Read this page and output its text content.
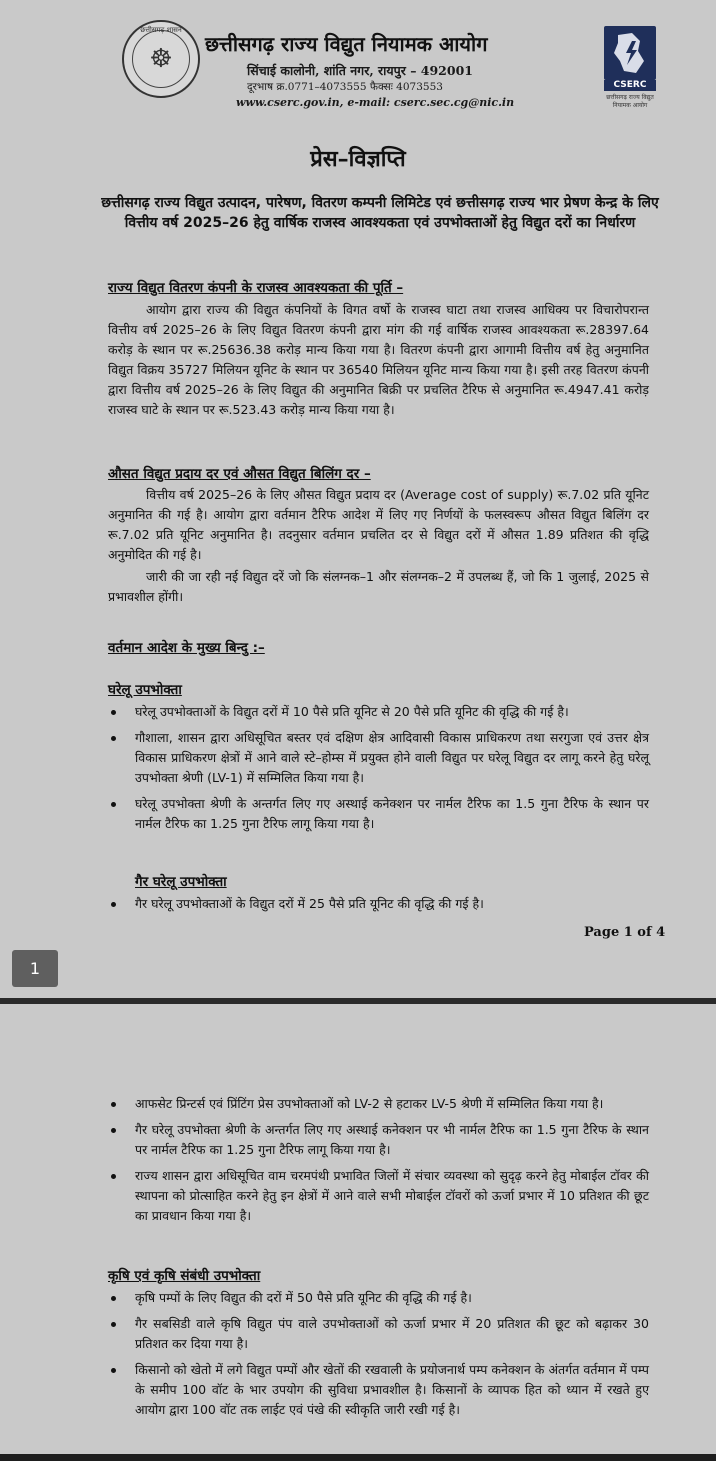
छत्तीसगढ़ शासन
☸	छत्तीसगढ़ राज्य विद्युत नियामक आयोग
सिंचाई कालोनी, शांति नगर, रायपुर – 492001
दूरभाष क्र.0771–4073555 फैक्सः 4073553
www.cserc.gov.in, e-mail: cserc.sec.cg@nic.in
CSERC
छत्तीसगढ़ राज्य विद्युत नियामक आयोग
प्रेस–विज्ञप्ति
छत्तीसगढ़ राज्य विद्युत उत्पादन, पारेषण, वितरण कम्पनी लिमिटेड एवं छत्तीसगढ़ राज्य भार प्रेषण केन्द्र के लिए वित्तीय वर्ष 2025–26 हेतु वार्षिक राजस्व आवश्यकता एवं उपभोक्ताओं हेतु विद्युत दरों का निर्धारण
राज्य विद्युत वितरण कंपनी के राजस्व आवश्यकता की पूर्ति –
आयोग द्वारा राज्य की विद्युत कंपनियों के विगत वर्षो के राजस्व घाटा तथा राजस्व आधिक्य पर विचारोपरान्त वित्तीय वर्ष 2025–26 के लिए विद्युत वितरण कंपनी द्वारा मांग की गई वार्षिक राजस्व आवश्यकता रू.28397.64 करोड़ के स्थान पर रू.25636.38 करोड़ मान्य किया गया है। वितरण कंपनी द्वारा आगामी वित्तीय वर्ष हेतु अनुमानित विद्युत विक्रय 35727 मिलियन यूनिट के स्थान पर 36540 मिलियन यूनिट मान्य किया गया है। इसी तरह वितरण कंपनी द्वारा वित्तीय वर्ष 2025–26 के लिए विद्युत की अनुमानित बिक्री पर प्रचलित टैरिफ से अनुमानित रू.4947.41 करोड़ राजस्व घाटे के स्थान पर रू.523.43 करोड़ मान्य किया गया है।
औसत विद्युत प्रदाय दर एवं औसत विद्युत बिलिंग दर –
वित्तीय वर्ष 2025–26 के लिए औसत विद्युत प्रदाय दर (Average cost of supply) रू.7.02 प्रति यूनिट अनुमानित की गई है। आयोग द्वारा वर्तमान टैरिफ आदेश में लिए गए निर्णयों के फलस्वरूप औसत विद्युत बिलिंग दर रू.7.02 प्रति यूनिट अनुमानित है। तदनुसार वर्तमान प्रचलित दर से विद्युत दरों में औसत 1.89 प्रतिशत की वृद्धि अनुमोदित की गई है।
जारी की जा रही नई विद्युत दरें जो कि संलग्नक–1 और संलग्नक–2 में उपलब्ध हैं, जो कि 1 जुलाई, 2025 से प्रभावशील होंगी।
वर्तमान आदेश के मुख्य बिन्दु :–
घरेलू उपभोक्ता
घरेलू उपभोक्ताओं के विद्युत दरों में 10 पैसे प्रति यूनिट से 20 पैसे प्रति यूनिट की वृद्धि की गई है।
गौशाला, शासन द्वारा अधिसूचित बस्तर एवं दक्षिण क्षेत्र आदिवासी विकास प्राधिकरण तथा सरगुजा एवं उत्तर क्षेत्र विकास प्राधिकरण क्षेत्रों में आने वाले स्टे–होम्स में प्रयुक्त होने वाली विद्युत पर घरेलू विद्युत दर लागू करने हेतु घरेलू उपभोक्ता श्रेणी (LV-1) में सम्मिलित किया गया है।
घरेलू उपभोक्ता श्रेणी के अन्तर्गत लिए गए अस्थाई कनेक्शन पर नार्मल टैरिफ का 1.5 गुना टैरिफ के स्थान पर नार्मल टैरिफ का 1.25 गुना टैरिफ लागू किया गया है।
गैर घरेलू उपभोक्ता
गैर घरेलू उपभोक्ताओं के विद्युत दरों में 25 पैसे प्रति यूनिट की वृद्धि की गई है।
Page 1 of 4
1
आफसेट प्रिन्टर्स एवं प्रिंटिंग प्रेस उपभोक्ताओं को LV-2 से हटाकर LV-5 श्रेणी में सम्मिलित किया गया है।
गैर घरेलू उपभोक्ता श्रेणी के अन्तर्गत लिए गए अस्थाई कनेक्शन पर भी नार्मल टैरिफ का 1.5 गुना टैरिफ के स्थान पर नार्मल टैरिफ का 1.25 गुना टैरिफ लागू किया गया है।
राज्य शासन द्वारा अधिसूचित वाम चरमपंथी प्रभावित जिलों में संचार व्यवस्था को सुदृढ़ करने हेतु मोबाईल टॉवर की स्थापना को प्रोत्साहित करने हेतु इन क्षेत्रों में आने वाले सभी मोबाईल टॉवरों को ऊर्जा प्रभार में 10 प्रतिशत की छूट का प्रावधान किया गया है।
कृषि एवं कृषि संबंधी उपभोक्ता
कृषि पम्पों के लिए विद्युत की दरों में 50 पैसे प्रति यूनिट की वृद्धि की गई है।
गैर सबसिडी वाले कृषि विद्युत पंप वाले उपभोक्ताओं को ऊर्जा प्रभार में 20 प्रतिशत की छूट को बढ़ाकर 30 प्रतिशत कर दिया गया है।
किसानो को खेतो में लगे विद्युत पम्पों और खेतों की रखवाली के प्रयोजनार्थ पम्प कनेक्शन के अंतर्गत वर्तमान में पम्प के समीप 100 वॉट के भार उपयोग की सुविधा प्रभावशील है। किसानों के व्यापक हित को ध्यान में रखते हुए आयोग द्वारा 100 वॉट तक लाईट एवं पंखे की स्वीकृति जारी रखी गई है।
